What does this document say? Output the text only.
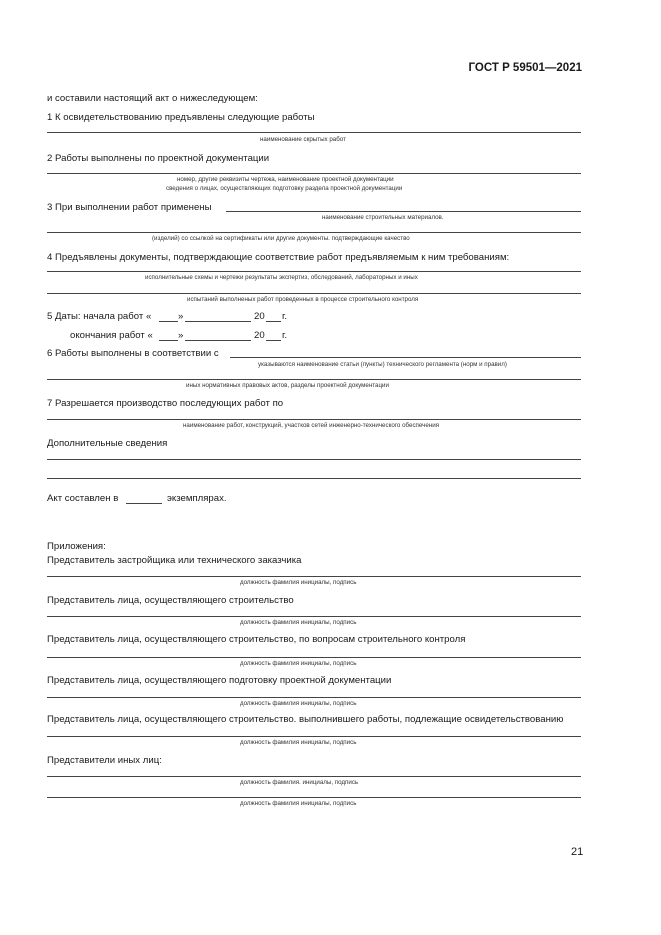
ГОСТ Р 59501—2021
и составили настоящий акт о нижеследующем:
1 К освидетельствованию предъявлены следующие работы
наименование скрытых работ
2 Работы выполнены по проектной документации
номер, другие реквизиты чертежа, наименование проектной документации
сведения о лицах, осуществляющих подготовку раздела проектной документации
3 При выполнении работ применены
наименование строительных материалов.
(изделий) со ссылкой на сертификаты или другие документы. подтверждающие качество
4 Предъявлены документы, подтверждающие соответствие работ предъявляемым к ним требованиям:
исполнительные схемы и чертежи результаты экспертиз, обследований, лабораторных и иных
испытаний выполненых работ проведенных в процессе строительного контроля
5 Даты: начала работ «	»	20 г.
окончания работ «	»	20 г.
6 Работы выполнены в соответствии с
указываются наименование статьи (пункты) технического регламента (норм и правил)
иных нормативных правовых актов, разделы проектной документации
7 Разрешается производство последующих работ по
наименование работ, конструкций, участков сетей инженерно-технического обеспечения
Дополнительные сведения
Акт составлен в	экземплярах.
Приложения:
Представитель застройщика или технического заказчика
должность фамилия инициалы, подпись
Представитель лица, осуществляющего строительство
должность фамилия инициалы, подпись
Представитель лица, осуществляющего строительство, по вопросам строительного контроля
должность фамилия инициалы, подпись
Представитель лица, осуществляющего подготовку проектной документации
должность фамилия инициалы, подпись
Представитель лица, осуществляющего строительство. выполнившего работы, подлежащие освидетельствованию
должность фамилия инициалы, подпись
Представители иных лиц:
должность фамилия. инициалы, подпись
должность фамилия инициалы, подпись
21
